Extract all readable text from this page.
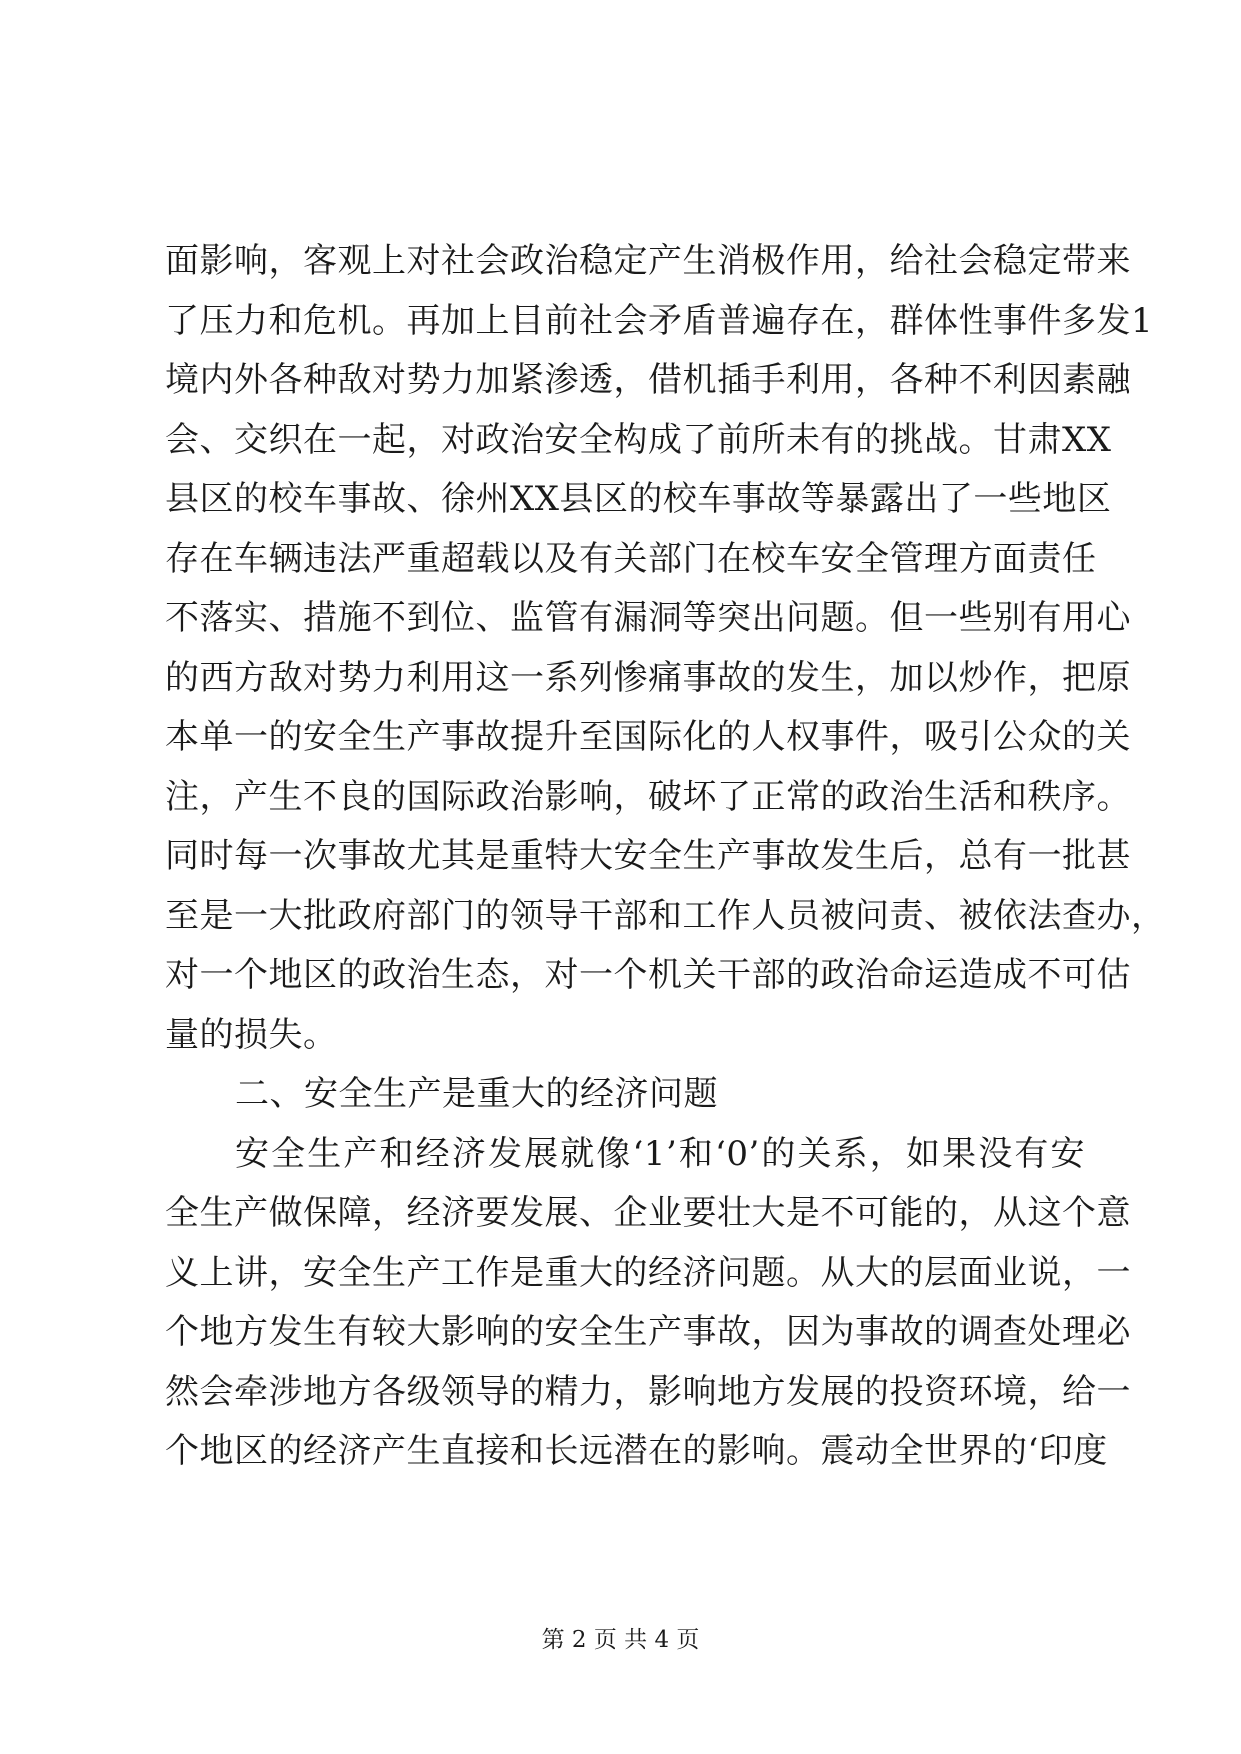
面影响，客观上对社会政治稳定产生消极作用，给社会稳定带来
了压力和危机。再加上目前社会矛盾普遍存在，群体性事件多发1
境内外各种敌对势力加紧渗透，借机插手利用，各种不利因素融
会、交织在一起，对政治安全构成了前所未有的挑战。甘肃XX
县区的校车事故、徐州XX县区的校车事故等暴露出了一些地区
存在车辆违法严重超载以及有关部门在校车安全管理方面责任
不落实、措施不到位、监管有漏洞等突出问题。但一些别有用心
的西方敌对势力利用这一系列惨痛事故的发生，加以炒作，把原
本单一的安全生产事故提升至国际化的人权事件，吸引公众的关
注，产生不良的国际政治影响，破坏了正常的政治生活和秩序。
同时每一次事故尤其是重特大安全生产事故发生后，总有一批甚
至是一大批政府部门的领导干部和工作人员被问责、被依法查办，
对一个地区的政治生态，对一个机关干部的政治命运造成不可估
量的损失。
二、安全生产是重大的经济问题
安全生产和经济发展就像‘1’和‘0’的关系，如果没有安
全生产做保障，经济要发展、企业要壮大是不可能的，从这个意
义上讲，安全生产工作是重大的经济问题。从大的层面业说，一
个地方发生有较大影响的安全生产事故，因为事故的调查处理必
然会牵涉地方各级领导的精力，影响地方发展的投资环境，给一
个地区的经济产生直接和长远潜在的影响。震动全世界的‘印度
第 2 页 共 4 页
